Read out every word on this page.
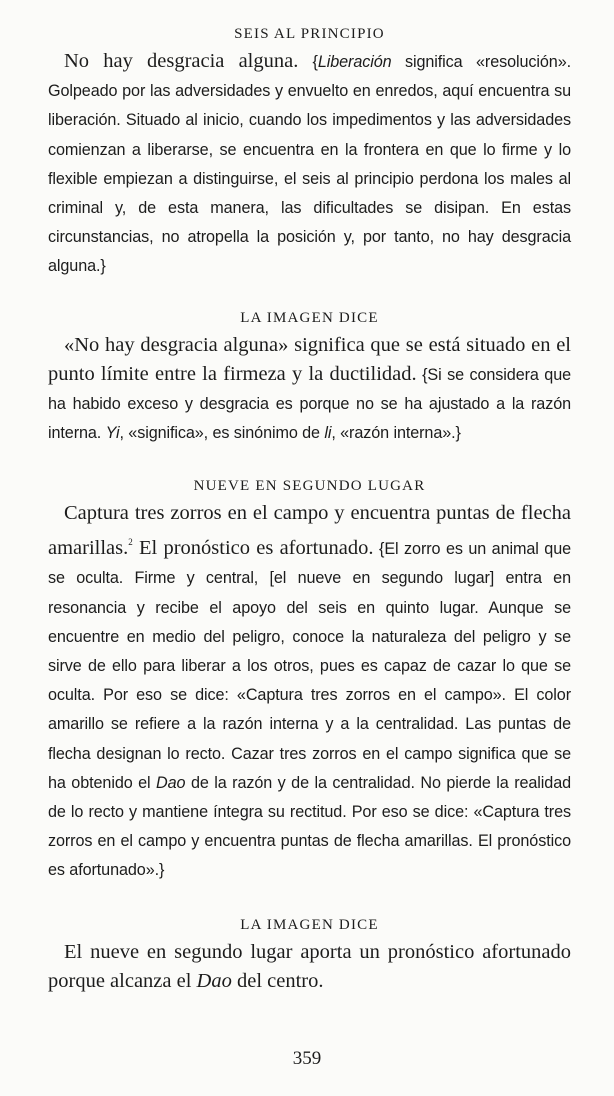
SEIS AL PRINCIPIO

No hay desgracia alguna. {Liberación significa «resolución». Golpeado por las adversidades y envuelto en enredos, aquí encuentra su liberación. Situado al inicio, cuando los impedimentos y las adversidades comienzan a liberarse, se encuentra en la frontera en que lo firme y lo flexible empiezan a distinguirse, el seis al principio perdona los males al criminal y, de esta manera, las dificultades se disipan. En estas circunstancias, no atropella la posición y, por tanto, no hay desgracia alguna.}

LA IMAGEN DICE

«No hay desgracia alguna» significa que se está situado en el punto límite entre la firmeza y la ductilidad. {Si se considera que ha habido exceso y desgracia es porque no se ha ajustado a la razón interna. Yi, «significa», es sinónimo de li, «razón interna».}

NUEVE EN SEGUNDO LUGAR

Captura tres zorros en el campo y encuentra puntas de flecha amarillas.$^2$ El pronóstico es afortunado. {El zorro es un animal que se oculta. Firme y central, [el nueve en segundo lugar] entra en resonancia y recibe el apoyo del seis en quinto lugar. Aunque se encuentre en medio del peligro, conoce la naturaleza del peligro y se sirve de ello para liberar a los otros, pues es capaz de cazar lo que se oculta. Por eso se dice: «Captura tres zorros en el campo». El color amarillo se refiere a la razón interna y a la centralidad. Las puntas de flecha designan lo recto. Cazar tres zorros en el campo significa que se ha obtenido el Dao de la razón y de la centralidad. No pierde la realidad de lo recto y mantiene íntegra su rectitud. Por eso se dice: «Captura tres zorros en el campo y encuentra puntas de flecha amarillas. El pronóstico es afortunado».}

LA IMAGEN DICE

El nueve en segundo lugar aporta un pronóstico afortunado porque alcanza el Dao del centro.

359
